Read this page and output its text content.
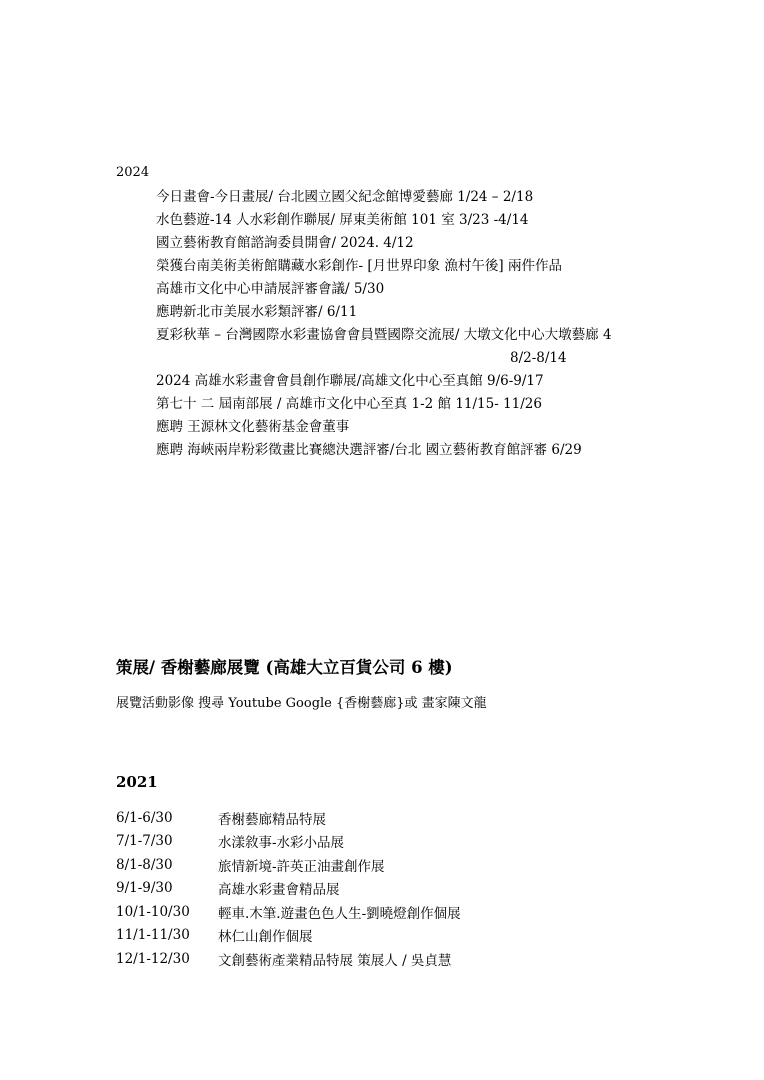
2024
今日畫會-今日畫展/ 台北國立國父紀念館博愛藝廊 1/24 – 2/18
水色藝遊-14 人水彩創作聯展/ 屏東美術館 101 室 3/23 -4/14
國立藝術教育館諮詢委員開會/ 2024. 4/12
榮獲台南美術美術館購藏水彩創作- [月世界印象 漁村午後] 兩件作品
高雄市文化中心申請展評審會議/ 5/30
應聘新北市美展水彩類評審/ 6/11
夏彩秋華 – 台灣國際水彩畫協會會員暨國際交流展/ 大墩文化中心大墩藝廊 4
8/2-8/14
2024 高雄水彩畫會會員創作聯展/高雄文化中心至真館 9/6-9/17
第七十 二 屆南部展 / 高雄市文化中心至真 1-2 館 11/15- 11/26
應聘 王源林文化藝術基金會董事
應聘 海峽兩岸粉彩徵畫比賽總決選評審/台北 國立藝術教育館評審 6/29
策展/ 香榭藝廊展覽 (高雄大立百貨公司 6 樓)
展覽活動影像 搜尋 Youtube Google {香榭藝廊}或 畫家陳文龍
2021
6/1-6/30	香榭藝廊精品特展
7/1-7/30	水漾敘事-水彩小品展
8/1-8/30	旅情新境-許英正油畫創作展
9/1-9/30	高雄水彩畫會精品展
10/1-10/30	輕車.木筆.遊畫色色人生-劉曉燈創作個展
11/1-11/30	林仁山創作個展
12/1-12/30	文創藝術產業精品特展 策展人 / 吳貞慧
